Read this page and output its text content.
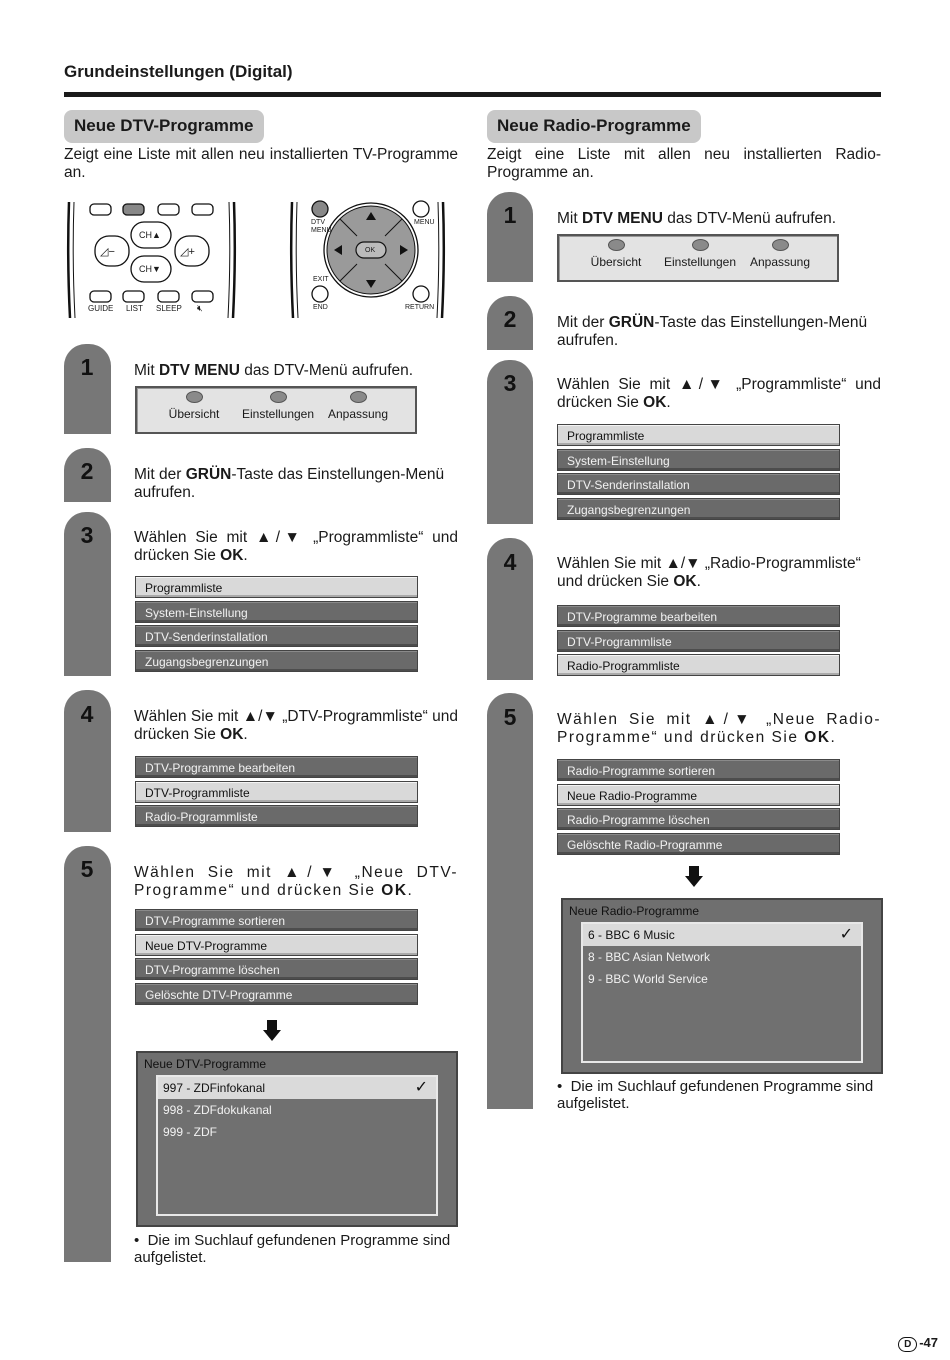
Grundeinstellungen (Digital)
Neue DTV-Programme
Zeigt eine Liste mit allen neu installierten TV-Programme an.
CH▲
CH▼
◿−	◿+
GUIDE LIST SLEEP 🔇︎
DTV MENU
MENU
OK
EXIT
END	RETURN
1
2
3
4
5
Mit DTV MENU das DTV-Menü aufrufen.
Mit der GRÜN-Taste das Einstellungen-Menü aufrufen.
Wählen Sie mit ▲/▼ „Programmliste“ und drücken Sie OK.
Wählen Sie mit ▲/▼ „DTV-Programmliste“ und drücken Sie OK.
Wählen Sie mit ▲/▼ „Neue DTV-Programme“ und drücken Sie OK.
Übersicht	Einstellungen	Anpassung
Programmliste
System-Einstellung
DTV-Senderinstallation
Zugangsbegrenzungen
DTV-Programme bearbeiten
DTV-Programmliste
Radio-Programmliste
DTV-Programme sortieren
Neue DTV-Programme
DTV-Programme löschen
Gelöschte DTV-Programme
Neue DTV-Programme
997 - ZDFinfokanal	✓
998 - ZDFdokukanal
999 - ZDF
•  Die im Suchlauf gefundenen Programme sind aufgelistet.
Neue Radio-Programme
Zeigt eine Liste mit allen neu installierten Radio-Programme an.
1
2
3
4
5
Mit DTV MENU das DTV-Menü aufrufen.
Mit der GRÜN-Taste das Einstellungen-Menü aufrufen.
Wählen Sie mit ▲/▼ „Programmliste“ und drücken Sie OK.
Wählen Sie mit ▲/▼ „Radio-Programmliste“ und drücken Sie OK.
Wählen Sie mit ▲/▼ „Neue Radio-Programme“ und drücken Sie OK.
Übersicht	Einstellungen	Anpassung
Programmliste
System-Einstellung
DTV-Senderinstallation
Zugangsbegrenzungen
DTV-Programme bearbeiten
DTV-Programmliste
Radio-Programmliste
Radio-Programme sortieren
Neue Radio-Programme
Radio-Programme löschen
Gelöschte Radio-Programme
Neue Radio-Programme
6 - BBC 6 Music	✓
8 - BBC Asian Network
9 - BBC World Service
•  Die im Suchlauf gefundenen Programme sind aufgelistet.
D -47
